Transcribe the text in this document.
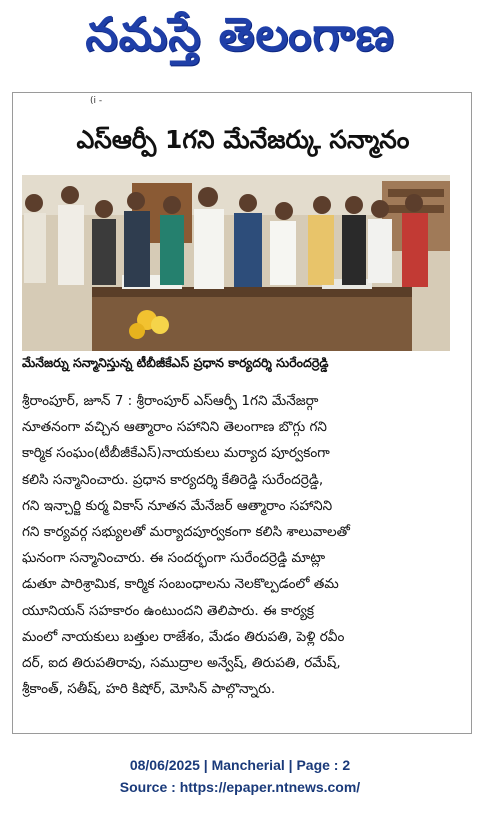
నమస్తే తెలంగాణ
(i -
ఎస్ఆర్పీ 1గని మేనేజర్కు సన్మానం
మేనేజర్ను సన్మానిస్తున్న టీబీజీకేఎస్ ప్రధాన కార్యదర్శి సురేందర్రెడ్డి
శ్రీరాంపూర్, జూన్ 7 : శ్రీరాంపూర్ ఎస్ఆర్పీ 1గని మేనేజర్గా
నూతనంగా వచ్చిన ఆత్మారాం సహానిని తెలంగాణ బొగ్గు గని
కార్మిక సంఘం(టీబీజీకేఎస్)నాయకులు మర్యాద పూర్వకంగా
కలిసి సన్మానించారు. ప్రధాన కార్యదర్శి కేతిరెడ్డి సురేందర్రెడ్డి,
గని ఇన్చార్జి కుర్మ వికాస్ నూతన మేనేజర్ ఆత్మారాం సహానిని
గని కార్యవర్గ సభ్యులతో మర్యాదపూర్వకంగా కలిసి శాలువాలతో
ఘనంగా సన్మానించారు. ఈ సందర్భంగా సురేందర్రెడ్డి మాట్లా
డుతూ పారిశ్రామిక, కార్మిక సంబంధాలను నెలకొల్పడంలో తమ
యూనియన్ సహకారం ఉంటుందని తెలిపారు. ఈ కార్యక్ర
మంలో నాయకులు బత్తుల రాజేశం, మేడం తిరుపతి, పెళ్లి రవీం
దర్, ఐద తిరుపతిరావు, సముద్రాల అన్వేష్, తిరుపతి, రమేష్,
శ్రీకాంత్, సతీష్, హరి కిషోర్, మోసిన్ పాల్గొన్నారు.
08/06/2025 | Mancherial | Page : 2
Source : https://epaper.ntnews.com/
